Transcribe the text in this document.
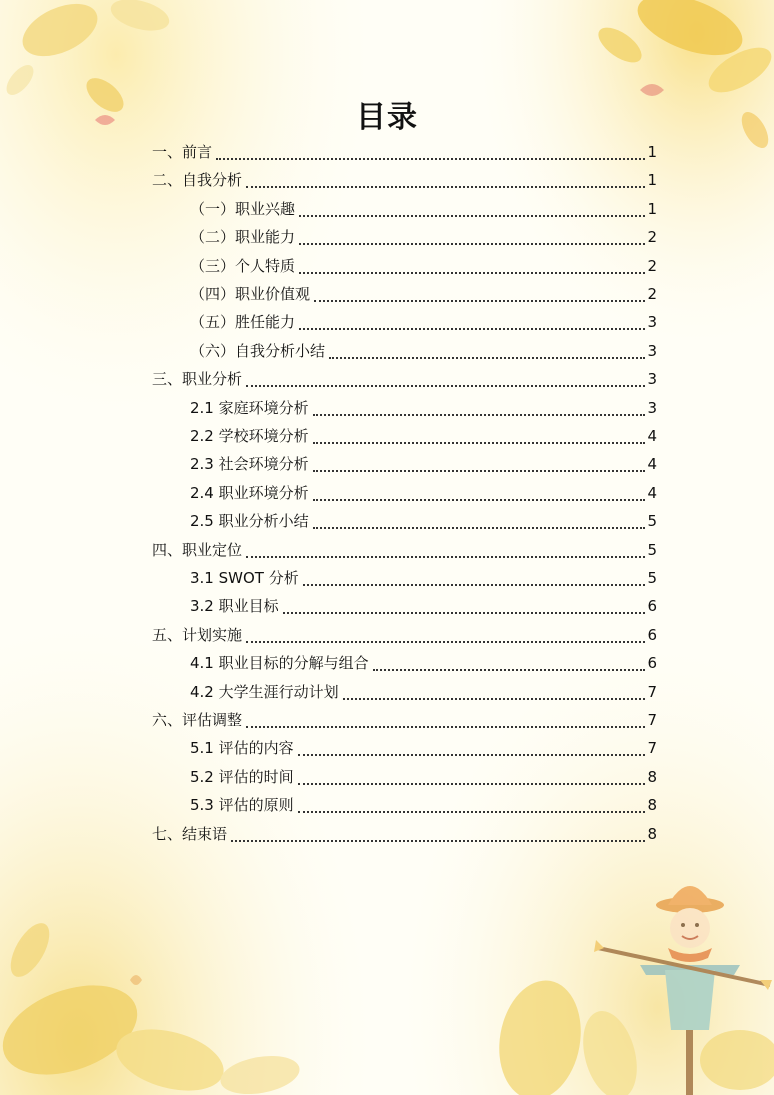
目录
一、前言	1
二、自我分析	1
（一）职业兴趣	1
（二）职业能力	2
（三）个人特质	2
（四）职业价值观	2
（五）胜任能力	3
（六）自我分析小结	3
三、职业分析	3
2.1 家庭环境分析	3
2.2 学校环境分析	4
2.3 社会环境分析	4
2.4 职业环境分析	4
2.5 职业分析小结	5
四、职业定位	5
3.1 SWOT 分析	5
3.2 职业目标	6
五、计划实施	6
4.1 职业目标的分解与组合	6
4.2 大学生涯行动计划	7
六、评估调整	7
5.1 评估的内容	7
5.2 评估的时间	8
5.3 评估的原则	8
七、结束语	8
